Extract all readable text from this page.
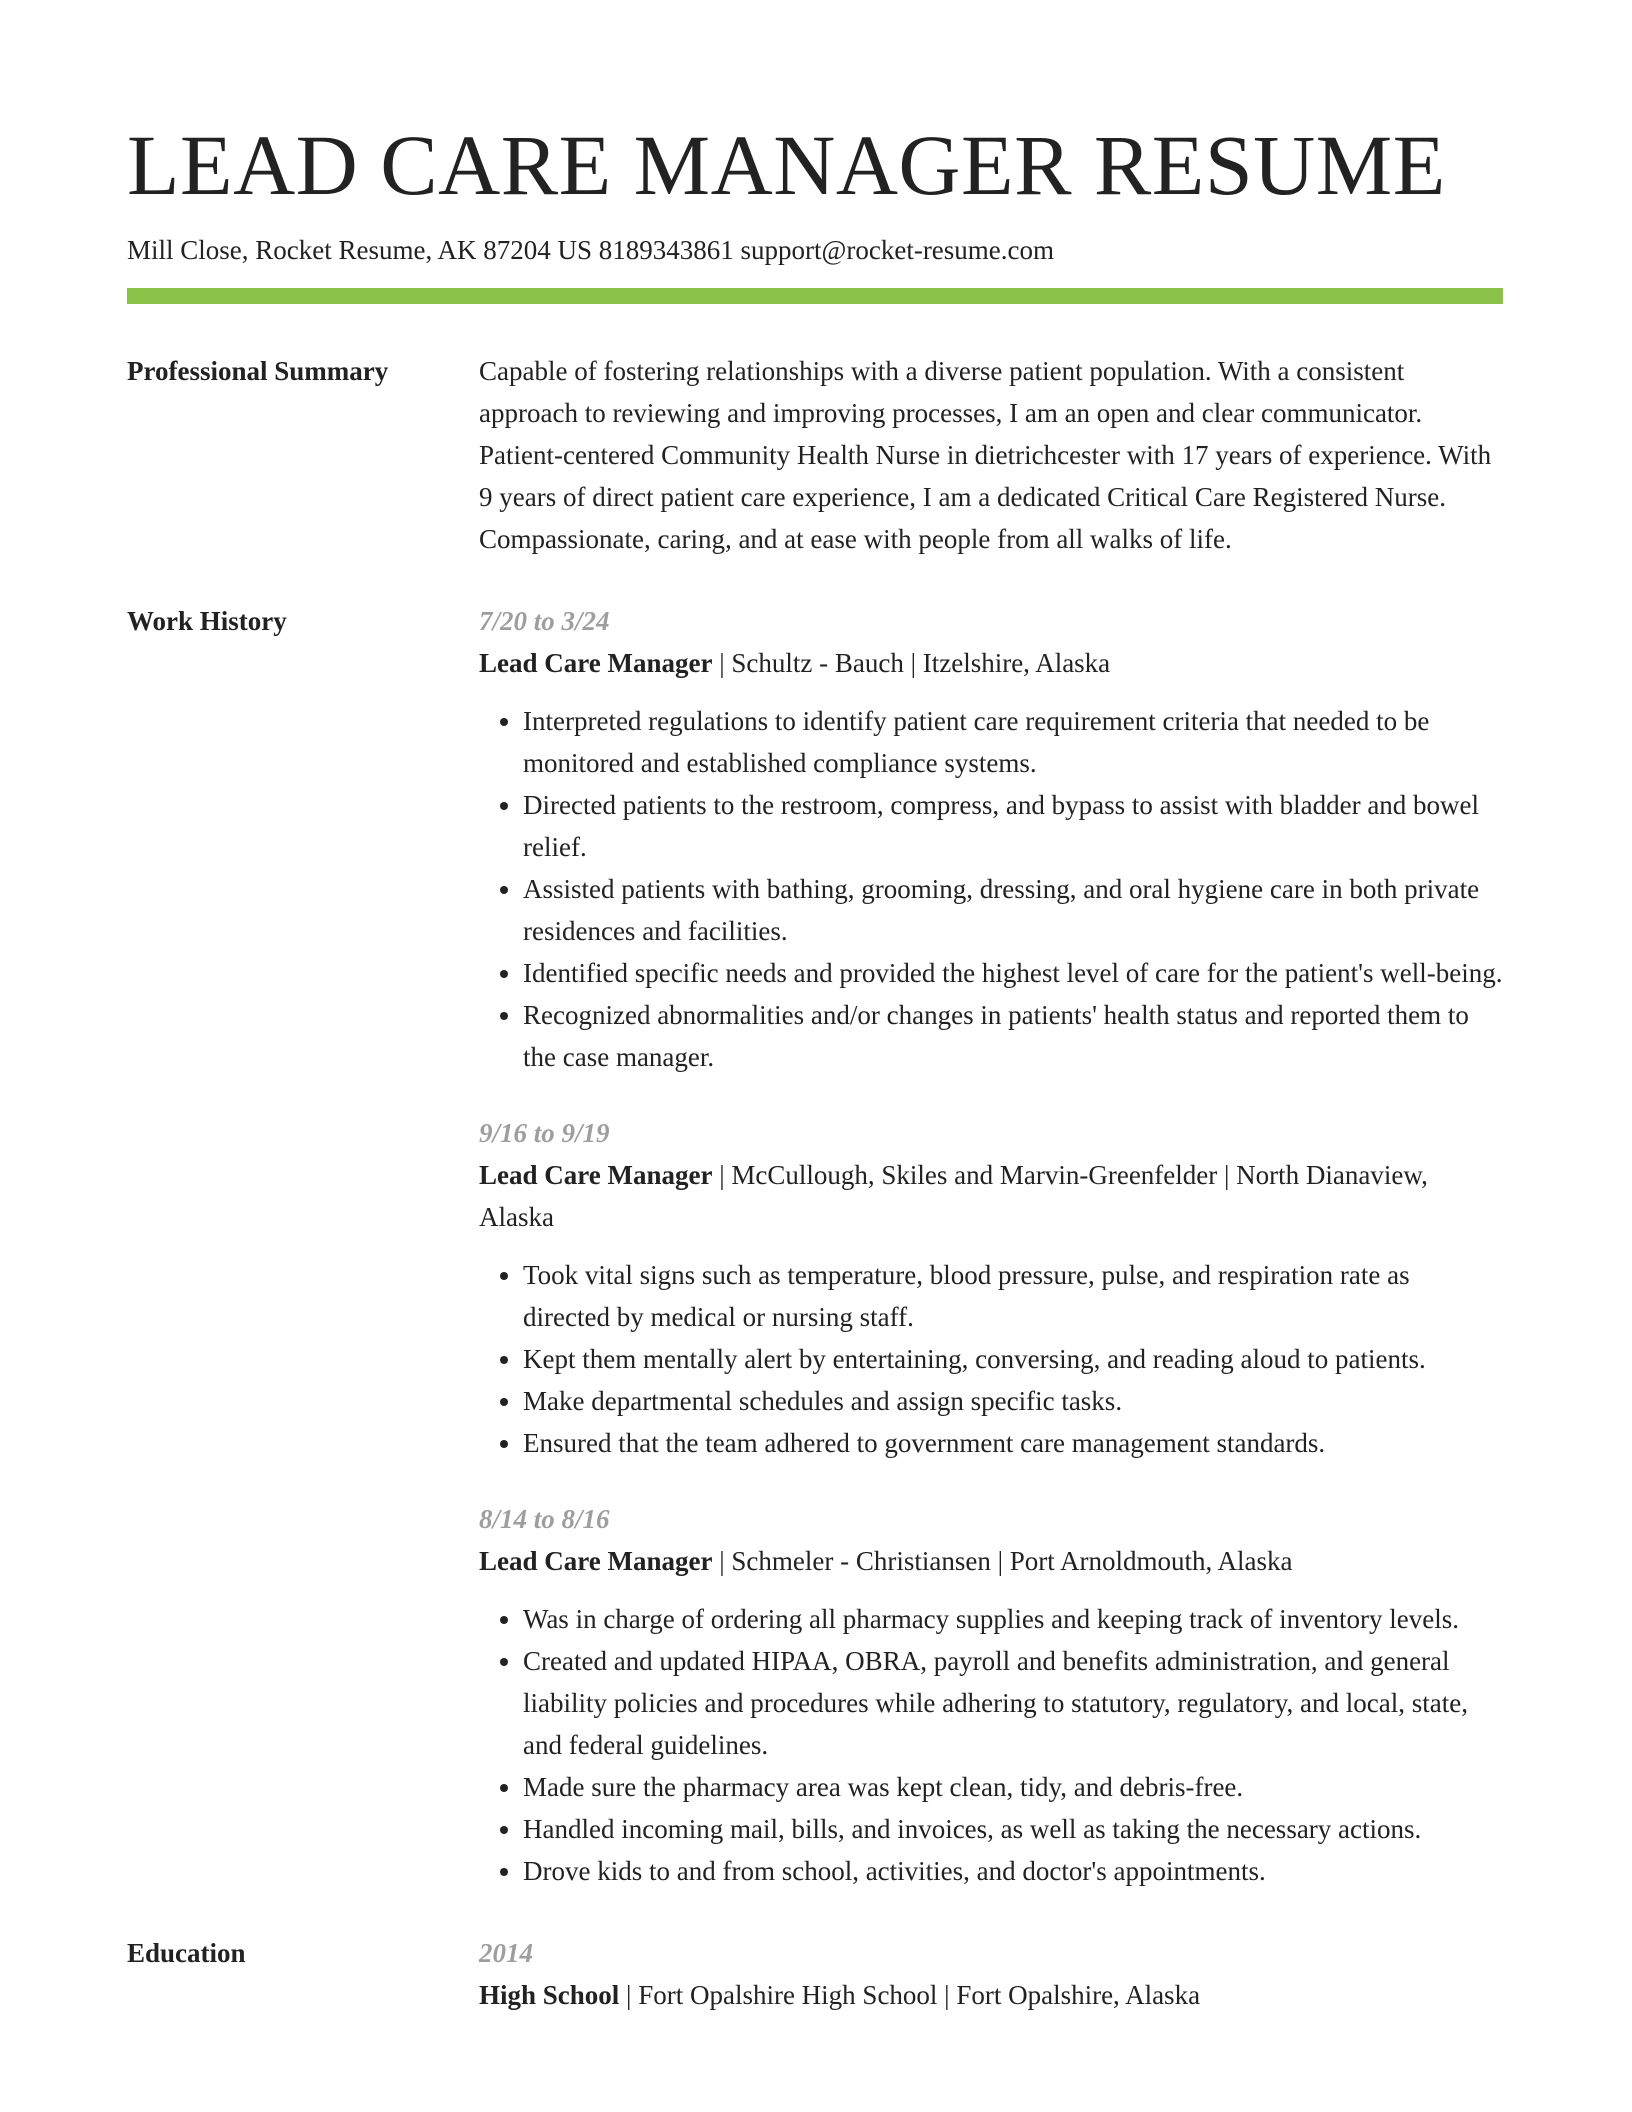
LEAD CARE MANAGER RESUME
Mill Close, Rocket Resume, AK 87204 US 8189343861 support@rocket-resume.com
Professional Summary	Capable of fostering relationships with a diverse patient population. With a consistent approach to reviewing and improving processes, I am an open and clear communicator. Patient-centered Community Health Nurse in dietrichcester with 17 years of experience. With 9 years of direct patient care experience, I am a dedicated Critical Care Registered Nurse. Compassionate, caring, and at ease with people from all walks of life.

Work History	7/20 to 3/24
Lead Care Manager | Schultz - Bauch | Itzelshire, Alaska
• Interpreted regulations to identify patient care requirement criteria that needed to be monitored and established compliance systems.
• Directed patients to the restroom, compress, and bypass to assist with bladder and bowel relief.
• Assisted patients with bathing, grooming, dressing, and oral hygiene care in both private residences and facilities.
• Identified specific needs and provided the highest level of care for the patient's well-being.
• Recognized abnormalities and/or changes in patients' health status and reported them to the case manager.
9/16 to 9/19
Lead Care Manager | McCullough, Skiles and Marvin-Greenfelder | North Dianaview, Alaska
• Took vital signs such as temperature, blood pressure, pulse, and respiration rate as directed by medical or nursing staff.
• Kept them mentally alert by entertaining, conversing, and reading aloud to patients.
• Make departmental schedules and assign specific tasks.
• Ensured that the team adhered to government care management standards.
8/14 to 8/16
Lead Care Manager | Schmeler - Christiansen | Port Arnoldmouth, Alaska
• Was in charge of ordering all pharmacy supplies and keeping track of inventory levels.
• Created and updated HIPAA, OBRA, payroll and benefits administration, and general liability policies and procedures while adhering to statutory, regulatory, and local, state, and federal guidelines.
• Made sure the pharmacy area was kept clean, tidy, and debris-free.
• Handled incoming mail, bills, and invoices, as well as taking the necessary actions.
• Drove kids to and from school, activities, and doctor's appointments.
Education	2014
High School | Fort Opalshire High School | Fort Opalshire, Alaska
